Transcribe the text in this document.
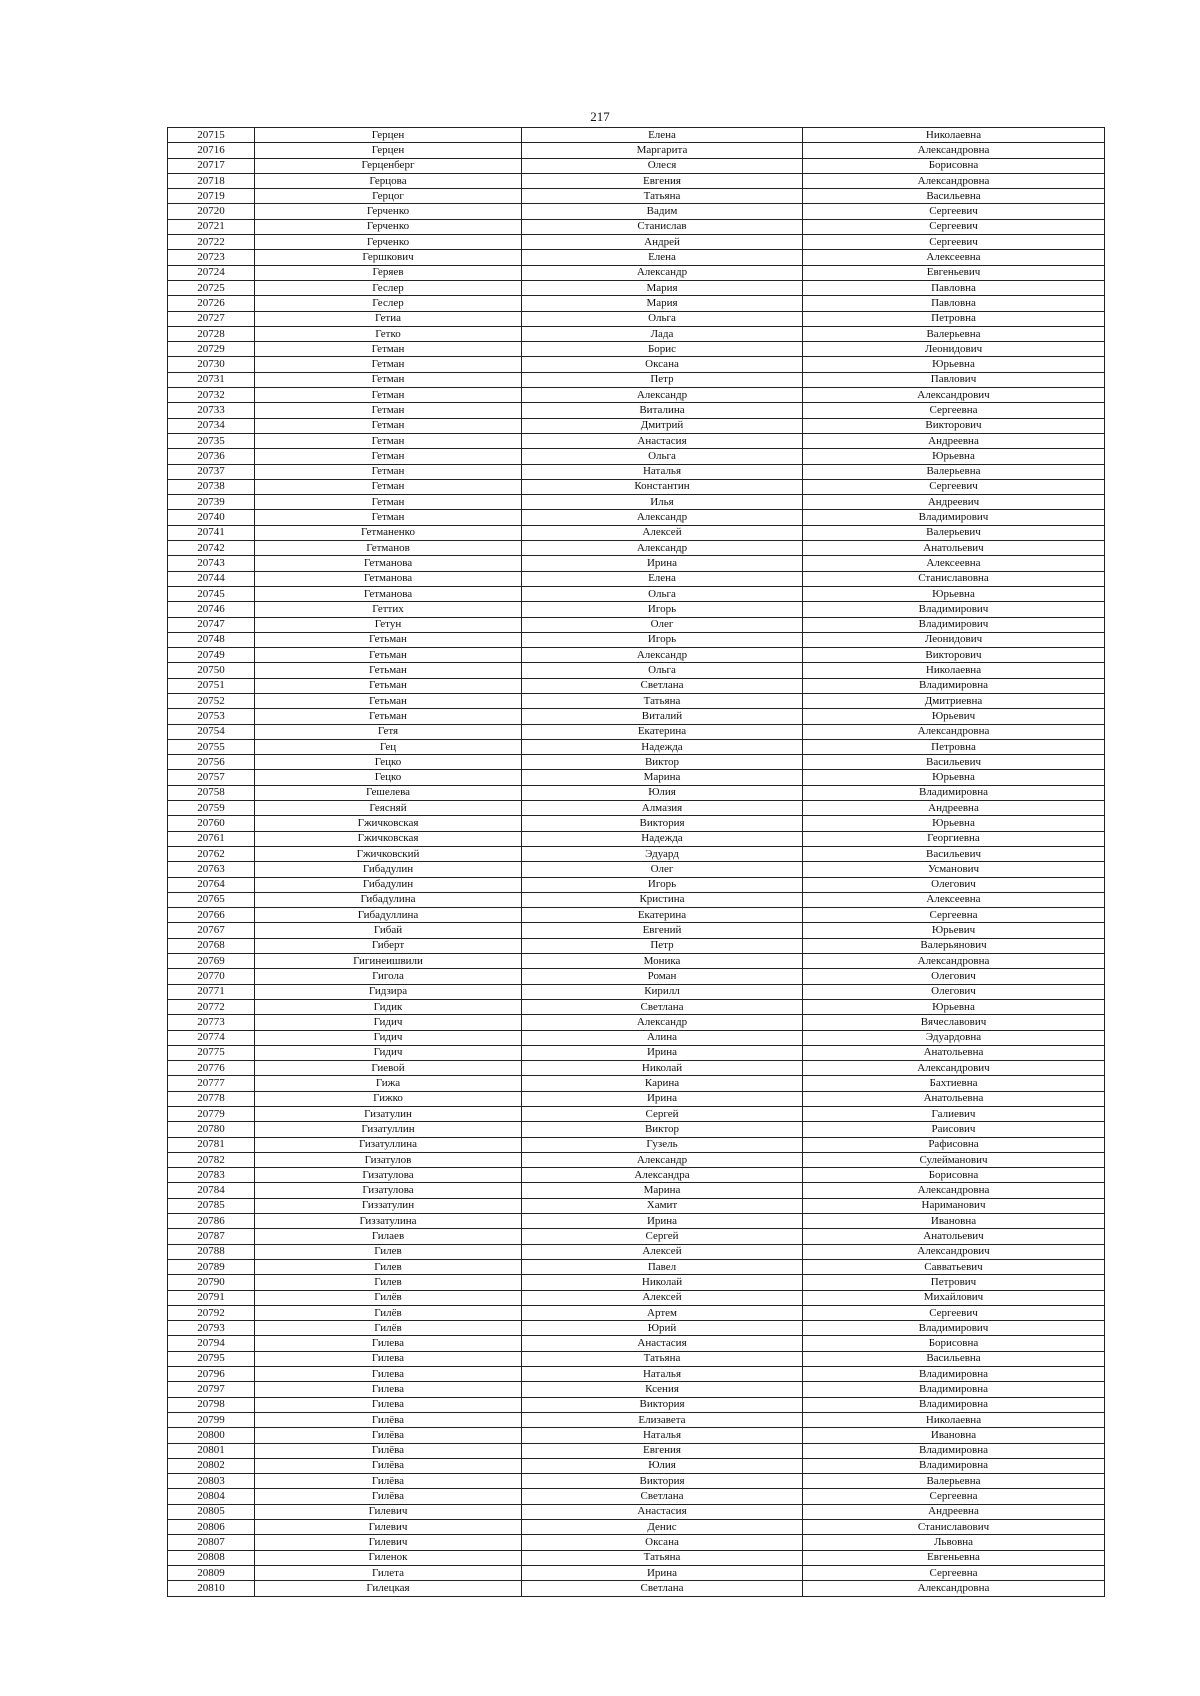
217
20715	Герцен	Елена	Николаевна
20716	Герцен	Маргарита	Александровна
20717	Герценберг	Олеся	Борисовна
20718	Герцова	Евгения	Александровна
20719	Герцог	Татьяна	Васильевна
20720	Герченко	Вадим	Сергеевич
20721	Герченко	Станислав	Сергеевич
20722	Герченко	Андрей	Сергеевич
20723	Гершкович	Елена	Алексеевна
20724	Геряев	Александр	Евгеньевич
20725	Геслер	Мария	Павловна
20726	Геслер	Мария	Павловна
20727	Гетиа	Ольга	Петровна
20728	Гетко	Лада	Валерьевна
20729	Гетман	Борис	Леонидович
20730	Гетман	Оксана	Юрьевна
20731	Гетман	Петр	Павлович
20732	Гетман	Александр	Александрович
20733	Гетман	Виталина	Сергеевна
20734	Гетман	Дмитрий	Викторович
20735	Гетман	Анастасия	Андреевна
20736	Гетман	Ольга	Юрьевна
20737	Гетман	Наталья	Валерьевна
20738	Гетман	Константин	Сергеевич
20739	Гетман	Илья	Андреевич
20740	Гетман	Александр	Владимирович
20741	Гетманенко	Алексей	Валерьевич
20742	Гетманов	Александр	Анатольевич
20743	Гетманова	Ирина	Алексеевна
20744	Гетманова	Елена	Станиславовна
20745	Гетманова	Ольга	Юрьевна
20746	Геттих	Игорь	Владимирович
20747	Гетун	Олег	Владимирович
20748	Гетьман	Игорь	Леонидович
20749	Гетьман	Александр	Викторович
20750	Гетьман	Ольга	Николаевна
20751	Гетьман	Светлана	Владимировна
20752	Гетьман	Татьяна	Дмитриевна
20753	Гетьман	Виталий	Юрьевич
20754	Гетя	Екатерина	Александровна
20755	Гец	Надежда	Петровна
20756	Гецко	Виктор	Васильевич
20757	Гецко	Марина	Юрьевна
20758	Гешелева	Юлия	Владимировна
20759	Геясняй	Алмазия	Андреевна
20760	Гжичковская	Виктория	Юрьевна
20761	Гжичковская	Надежда	Георгиевна
20762	Гжичковский	Эдуард	Васильевич
20763	Гибадулин	Олег	Усманович
20764	Гибадулин	Игорь	Олегович
20765	Гибадулина	Кристина	Алексеевна
20766	Гибадуллина	Екатерина	Сергеевна
20767	Гибай	Евгений	Юрьевич
20768	Гиберт	Петр	Валерьянович
20769	Гигинеишвили	Моника	Александровна
20770	Гигола	Роман	Олегович
20771	Гидзира	Кирилл	Олегович
20772	Гидик	Светлана	Юрьевна
20773	Гидич	Александр	Вячеславович
20774	Гидич	Алина	Эдуардовна
20775	Гидич	Ирина	Анатольевна
20776	Гиевой	Николай	Александрович
20777	Гижа	Карина	Бахтиевна
20778	Гижко	Ирина	Анатольевна
20779	Гизатулин	Сергей	Галиевич
20780	Гизатуллин	Виктор	Раисович
20781	Гизатуллина	Гузель	Рафисовна
20782	Гизатулов	Александр	Сулейманович
20783	Гизатулова	Александра	Борисовна
20784	Гизатулова	Марина	Александровна
20785	Гиззатулин	Хамит	Нариманович
20786	Гиззатулина	Ирина	Ивановна
20787	Гилаев	Сергей	Анатольевич
20788	Гилев	Алексей	Александрович
20789	Гилев	Павел	Савватьевич
20790	Гилев	Николай	Петрович
20791	Гилёв	Алексей	Михайлович
20792	Гилёв	Артем	Сергеевич
20793	Гилёв	Юрий	Владимирович
20794	Гилева	Анастасия	Борисовна
20795	Гилева	Татьяна	Васильевна
20796	Гилева	Наталья	Владимировна
20797	Гилева	Ксения	Владимировна
20798	Гилева	Виктория	Владимировна
20799	Гилёва	Елизавета	Николаевна
20800	Гилёва	Наталья	Ивановна
20801	Гилёва	Евгения	Владимировна
20802	Гилёва	Юлия	Владимировна
20803	Гилёва	Виктория	Валерьевна
20804	Гилёва	Светлана	Сергеевна
20805	Гилевич	Анастасия	Андреевна
20806	Гилевич	Денис	Станиславович
20807	Гилевич	Оксана	Львовна
20808	Гиленок	Татьяна	Евгеньевна
20809	Гилета	Ирина	Сергеевна
20810	Гилецкая	Светлана	Александровна
